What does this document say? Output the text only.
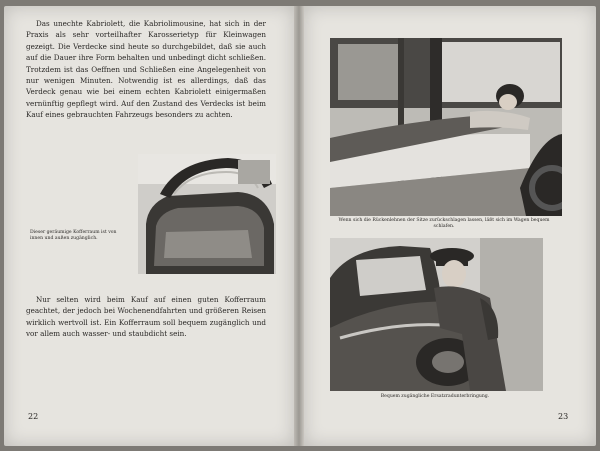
Das unechte Kabriolett, die Kabriolimousine, hat sich in der Praxis als sehr vorteilhafter Karosserietyp für Kleinwagen gezeigt. Die Verdecke sind heute so durchgebildet, daß sie auch auf die Dauer ihre Form behalten und unbedingt dicht schließen. Trotzdem ist das Oeffnen und Schließen eine Angelegenheit von nur wenigen Minuten. Notwendig ist es allerdings, daß das Verdeck genau wie bei einem echten Kabriolett einigermaßen vernünftig gepflegt wird. Auf den Zustand des Verdecks ist beim Kauf eines gebrauchten Fahrzeugs besonders zu achten.

Dieser geräumige Kofferraum ist von innen und außen zugänglich.

Nur selten wird beim Kauf auf einen guten Kofferraum geachtet, der jedoch bei Wochenendfahrten und größeren Reisen wirklich wertvoll ist. Ein Kofferraum soll bequem zugänglich und vor allem auch wasser- und staubdicht sein.

22

Wenn sich die Rückenlehnen der Sitze zurückschlagen lassen, läßt sich im Wagen bequem schlafen.

Bequem zugängliche Ersatzradunterbringung.

23
